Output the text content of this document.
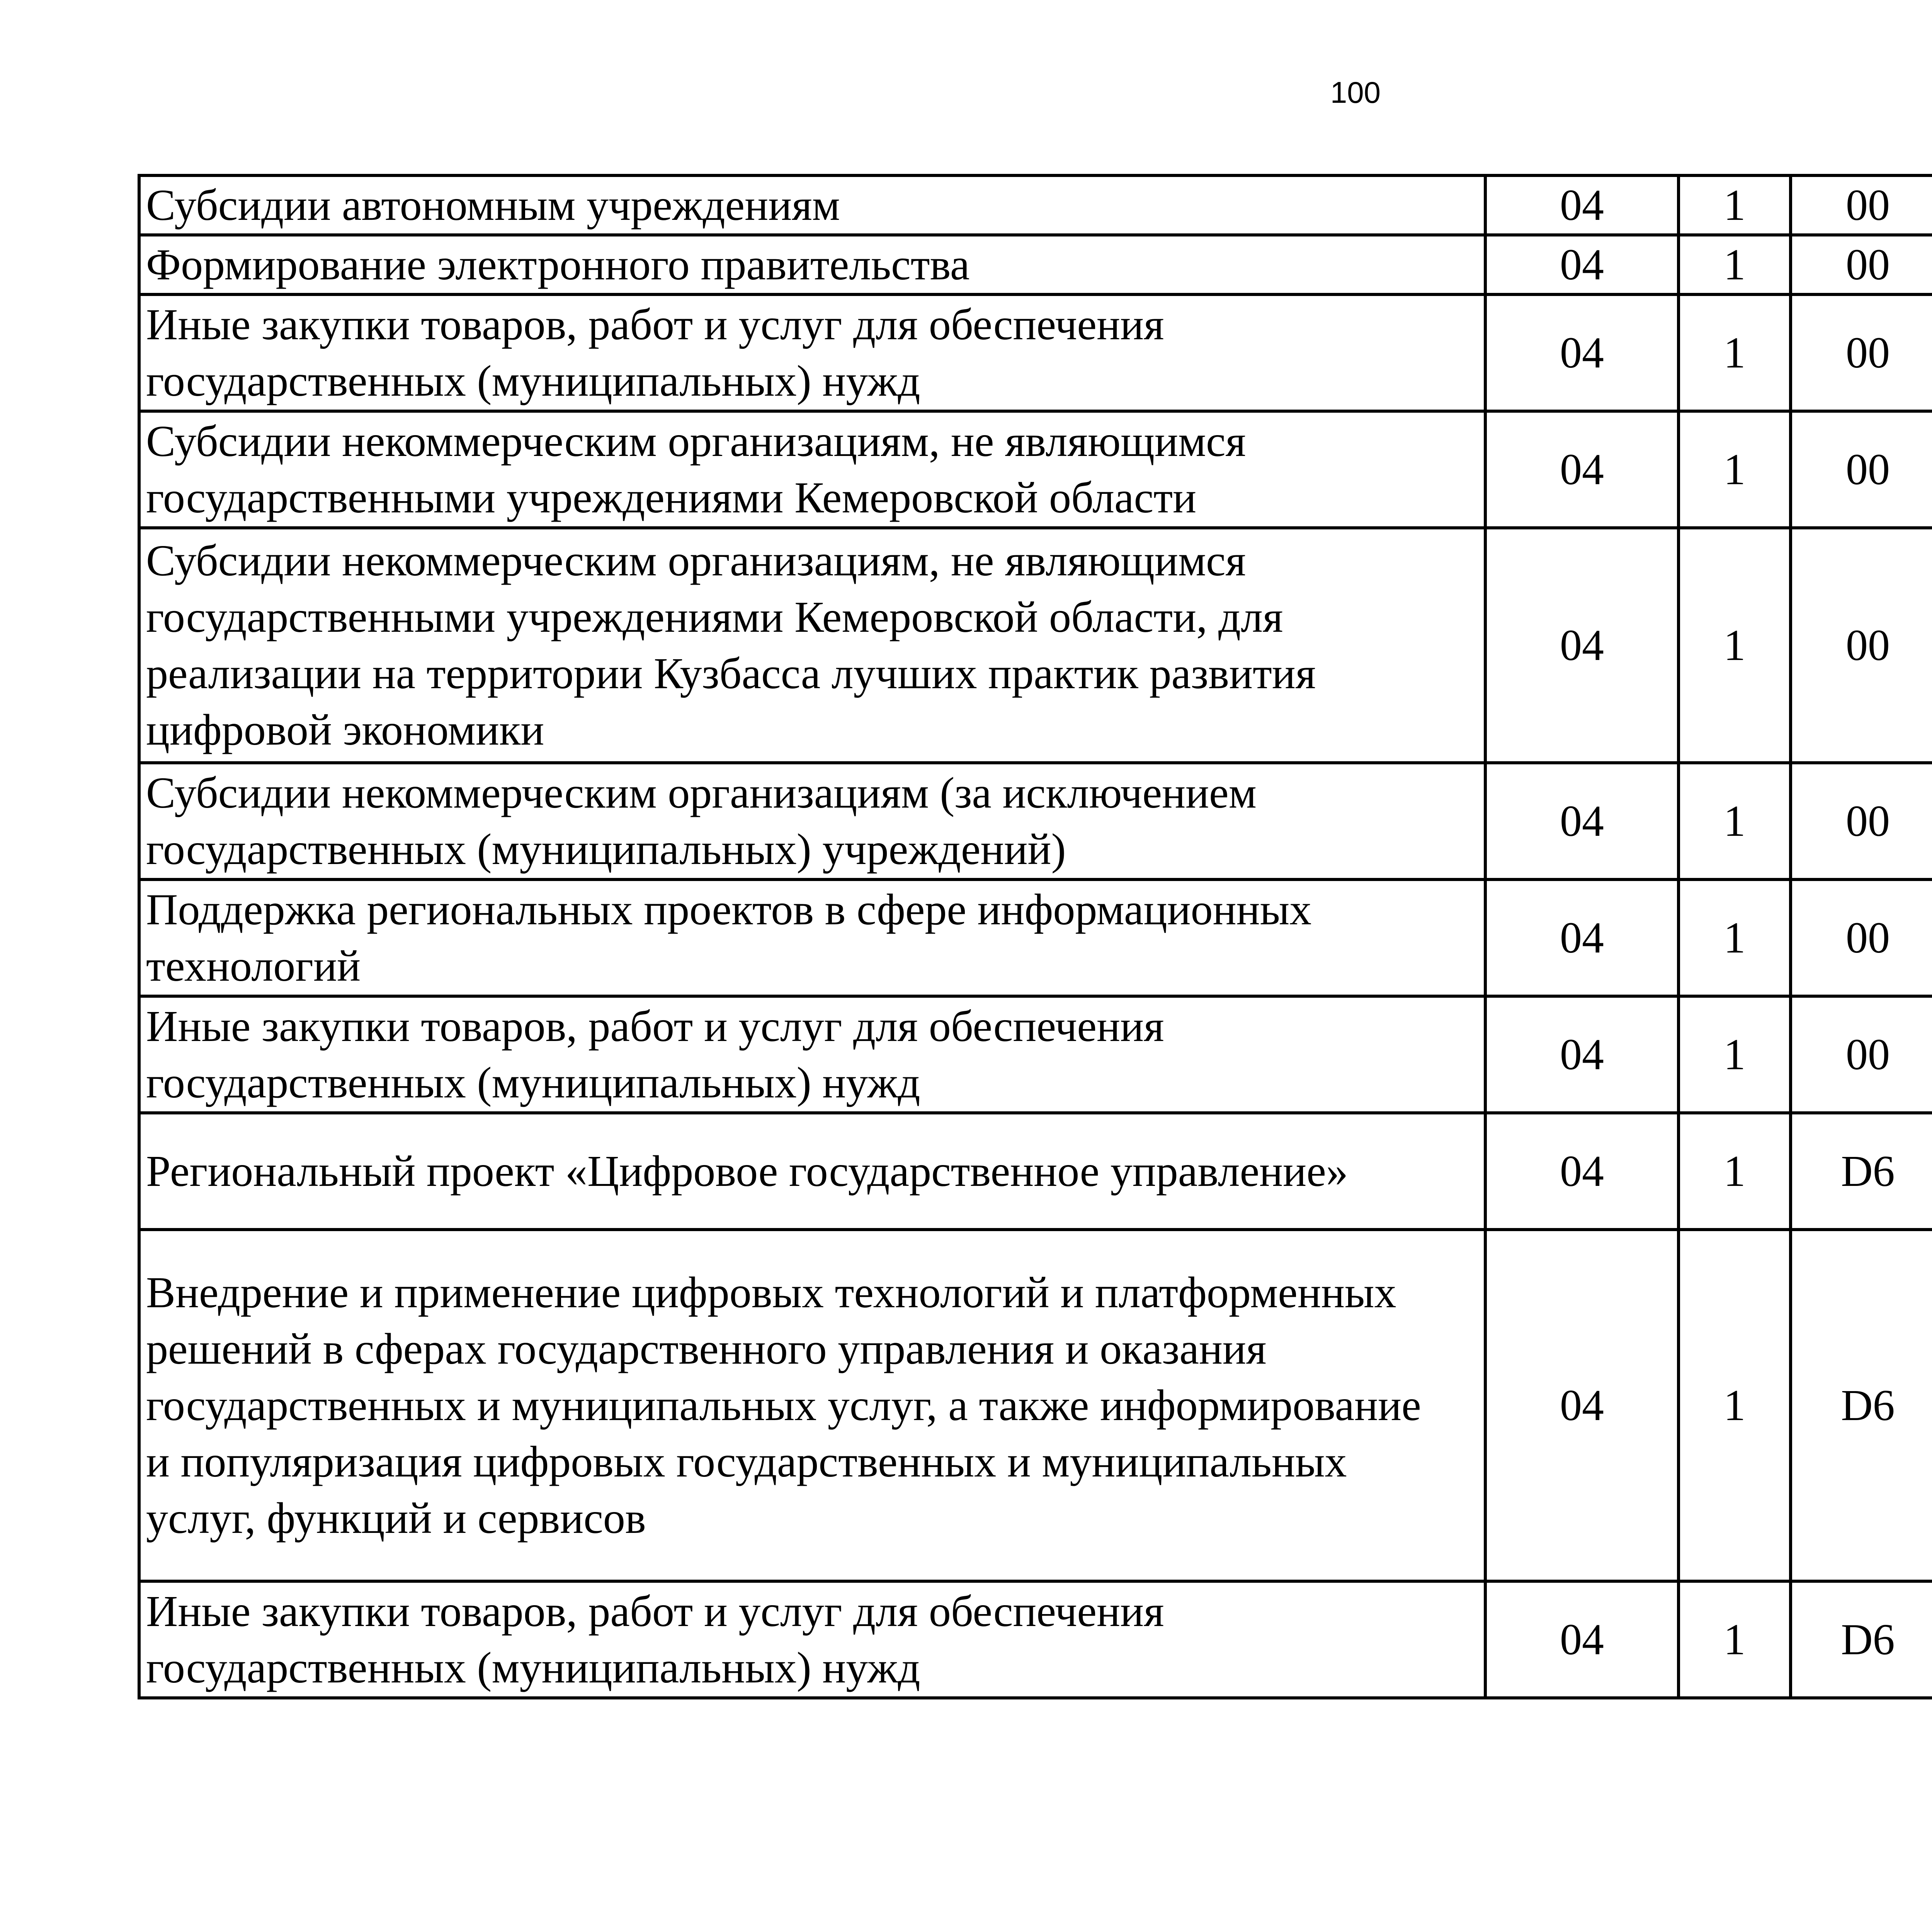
100
Субсидии автономным учреждениям	04	1	00			
Формирование электронного правительства	04	1	00			
Иные закупки товаров, работ и услуг для обеспечения
государственных (муниципальных) нужд	04	1	00			
Субсидии некоммерческим организациям, не являющимся
государственными учреждениями Кемеровской области	04	1	00			
Субсидии некоммерческим организациям, не являющимся
государственными учреждениями Кемеровской области, для
реализации на территории Кузбасса лучших практик развития
цифровой экономики	04	1	00			
Субсидии некоммерческим организациям (за исключением
государственных (муниципальных) учреждений)	04	1	00			
Поддержка региональных проектов в сфере информационных
технологий	04	1	00			
Иные закупки товаров, работ и услуг для обеспечения
государственных (муниципальных) нужд	04	1	00			
Региональный проект «Цифровое государственное управление»	04	1	D6			
Внедрение и применение цифровых технологий и платформенных
решений в сферах государственного управления и оказания
государственных и муниципальных услуг, а также информирование
и популяризация цифровых государственных и муниципальных
услуг, функций и сервисов	04	1	D6			
Иные закупки товаров, работ и услуг для обеспечения
государственных (муниципальных) нужд	04	1	D6			
